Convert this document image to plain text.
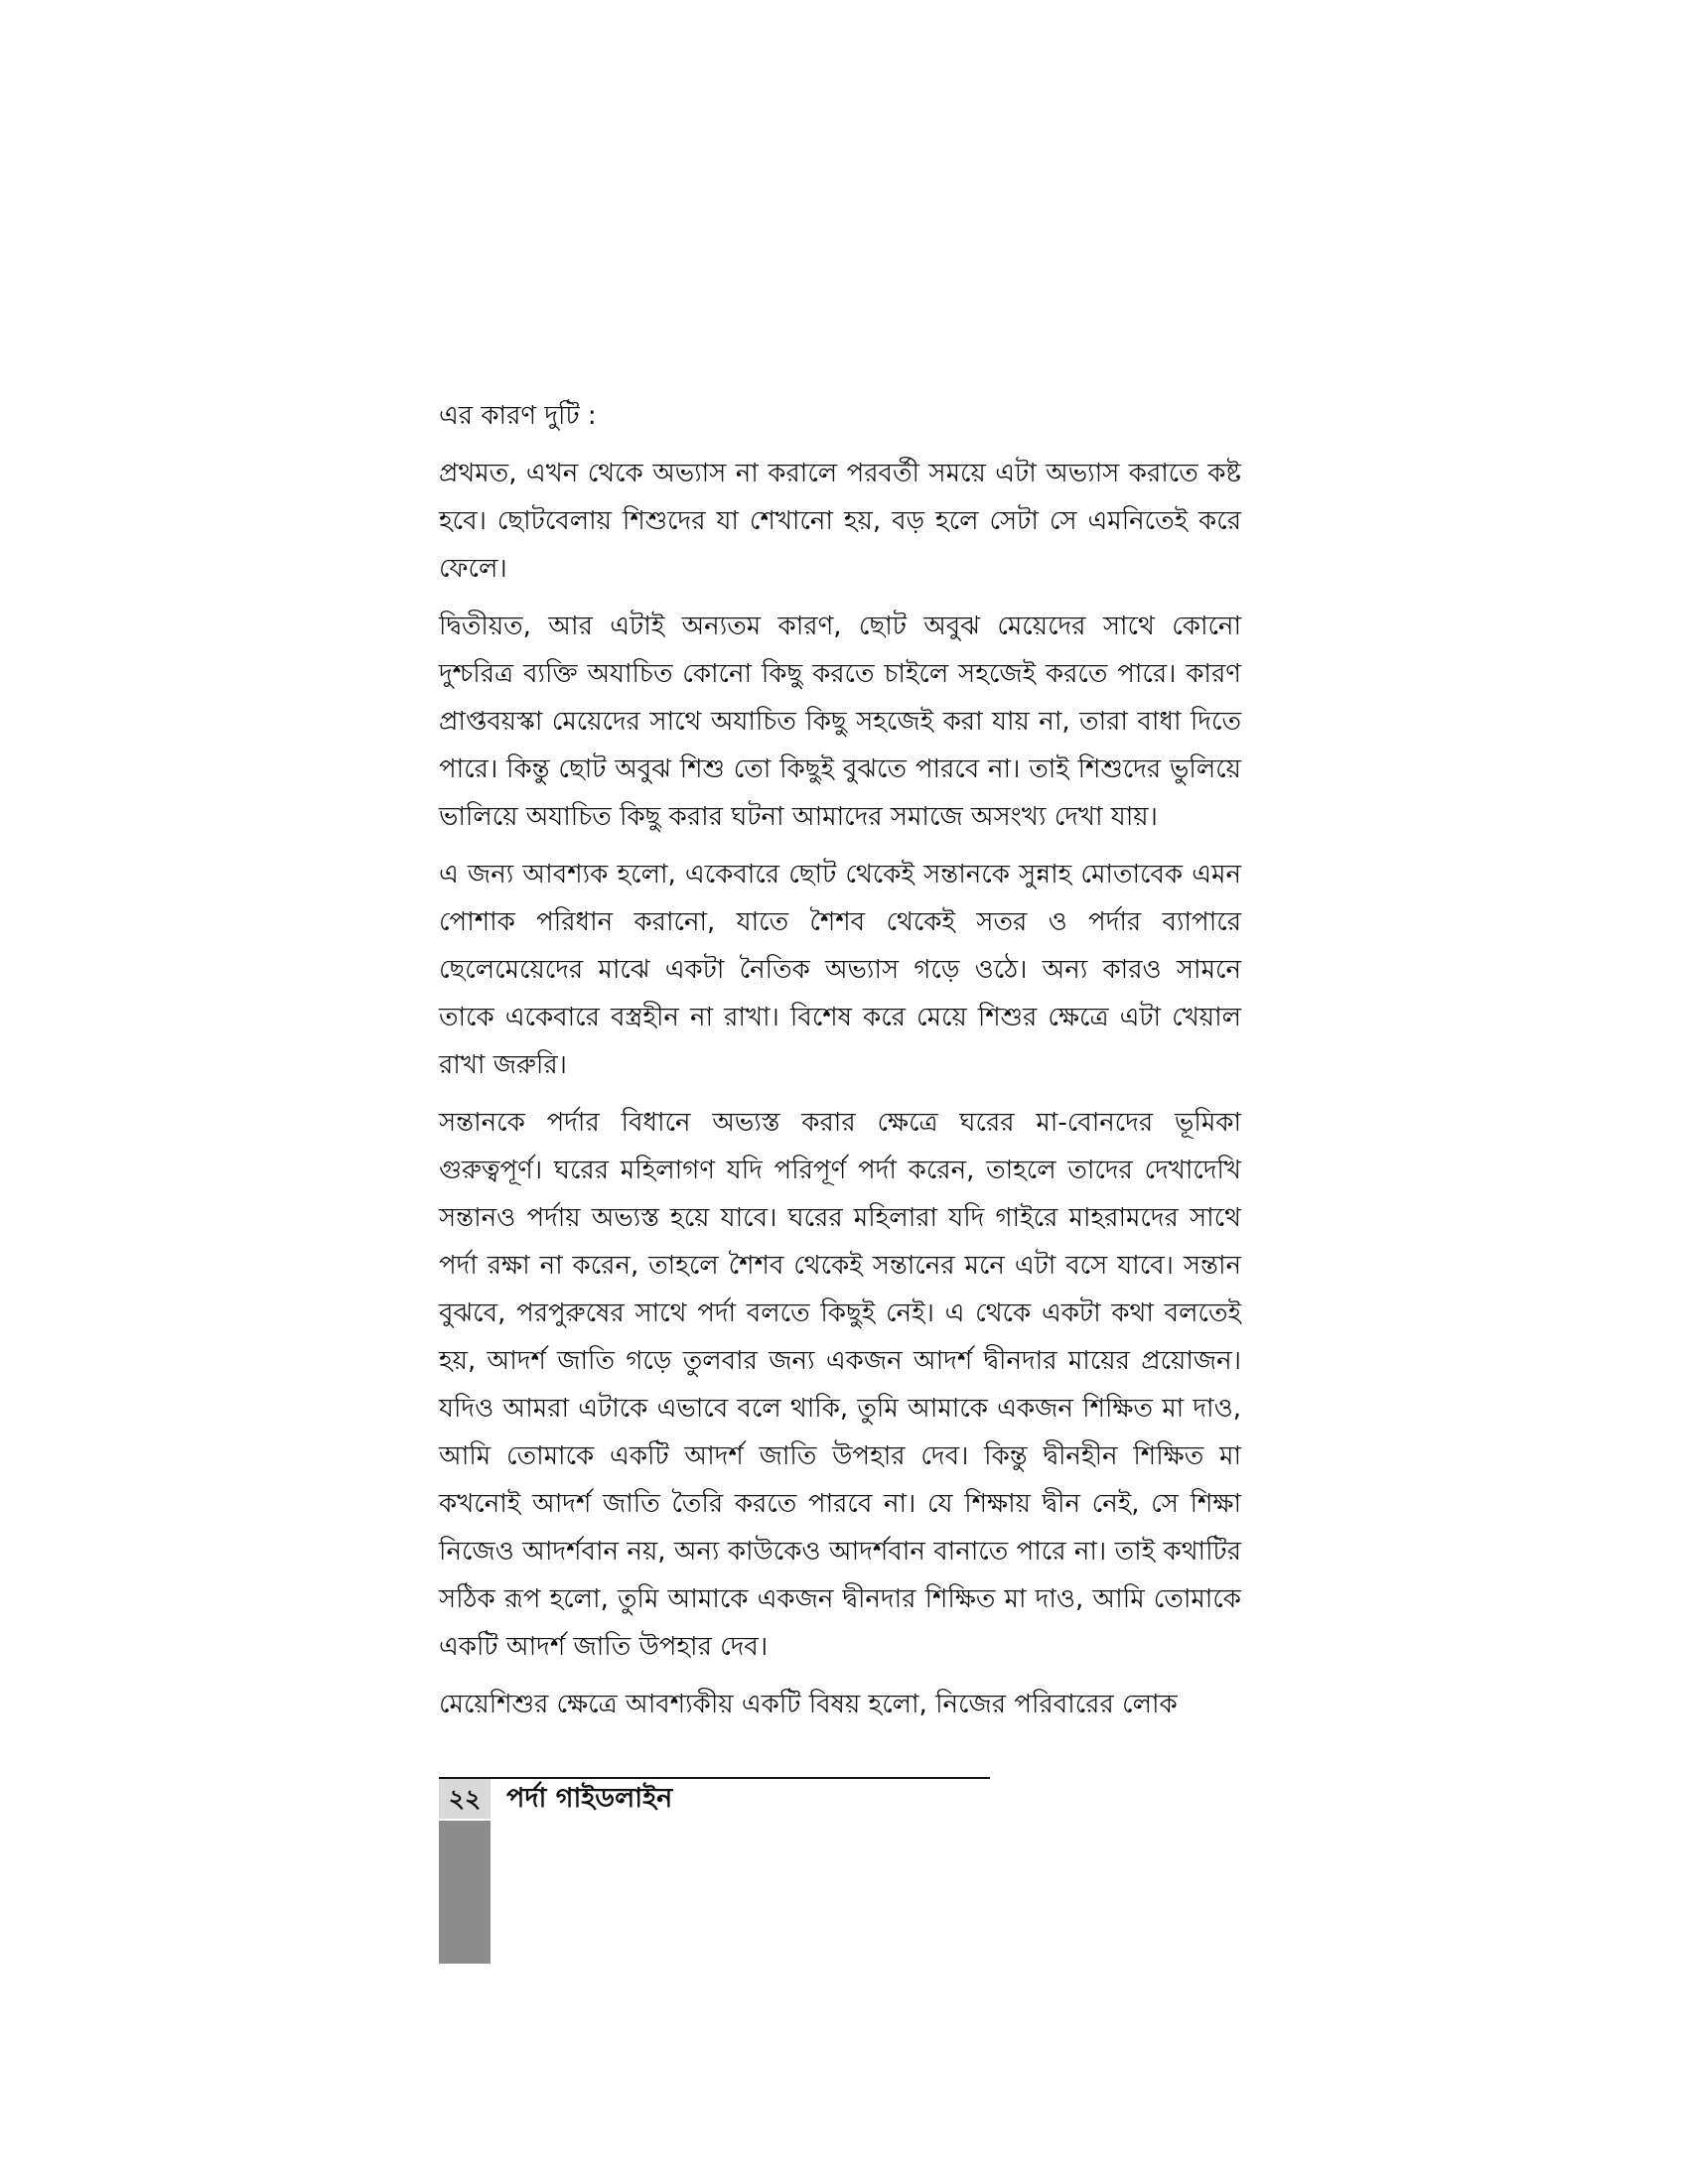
এর কারণ দুটি :

প্রথমত, এখন থেকে অভ্যাস না করালে পরবর্তী সময়ে এটা অভ্যাস করাতে কষ্ট হবে। ছোটবেলায় শিশুদের যা শেখানো হয়, বড় হলে সেটা সে এমনিতেই করে ফেলে।

দ্বিতীয়ত, আর এটাই অন্যতম কারণ, ছোট অবুঝ মেয়েদের সাথে কোনো দুশ্চরিত্র ব্যক্তি অযাচিত কোনো কিছু করতে চাইলে সহজেই করতে পারে। কারণ প্রাপ্তবয়স্কা মেয়েদের সাথে অযাচিত কিছু সহজেই করা যায় না, তারা বাধা দিতে পারে। কিন্তু ছোট অবুঝ শিশু তো কিছুই বুঝতে পারবে না। তাই শিশুদের ভুলিয়ে ভালিয়ে অযাচিত কিছু করার ঘটনা আমাদের সমাজে অসংখ্য দেখা যায়।

এ জন্য আবশ্যক হলো, একেবারে ছোট থেকেই সন্তানকে সুন্নাহ মোতাবেক এমন পোশাক পরিধান করানো, যাতে শৈশব থেকেই সতর ও পর্দার ব্যাপারে ছেলেমেয়েদের মাঝে একটা নৈতিক অভ্যাস গড়ে ওঠে। অন্য কারও সামনে তাকে একেবারে বস্ত্রহীন না রাখা। বিশেষ করে মেয়ে শিশুর ক্ষেত্রে এটা খেয়াল রাখা জরুরি।

সন্তানকে পর্দার বিধানে অভ্যস্ত করার ক্ষেত্রে ঘরের মা-বোনদের ভূমিকা গুরুত্বপূর্ণ। ঘরের মহিলাগণ যদি পরিপূর্ণ পর্দা করেন, তাহলে তাদের দেখাদেখি সন্তানও পর্দায় অভ্যস্ত হয়ে যাবে। ঘরের মহিলারা যদি গাইরে মাহরামদের সাথে পর্দা রক্ষা না করেন, তাহলে শৈশব থেকেই সন্তানের মনে এটা বসে যাবে। সন্তান বুঝবে, পরপুরুষের সাথে পর্দা বলতে কিছুই নেই। এ থেকে একটা কথা বলতেই হয়, আদর্শ জাতি গড়ে তুলবার জন্য একজন আদর্শ দ্বীনদার মায়ের প্রয়োজন। যদিও আমরা এটাকে এভাবে বলে থাকি, তুমি আমাকে একজন শিক্ষিত মা দাও, আমি তোমাকে একটি আদর্শ জাতি উপহার দেব। কিন্তু দ্বীনহীন শিক্ষিত মা কখনোই আদর্শ জাতি তৈরি করতে পারবে না। যে শিক্ষায় দ্বীন নেই, সে শিক্ষা নিজেও আদর্শবান নয়, অন্য কাউকেও আদর্শবান বানাতে পারে না। তাই কথাটির সঠিক রূপ হলো, তুমি আমাকে একজন দ্বীনদার শিক্ষিত মা দাও, আমি তোমাকে একটি আদর্শ জাতি উপহার দেব।

মেয়েশিশুর ক্ষেত্রে আবশ্যকীয় একটি বিষয় হলো, নিজের পরিবারের লোক

২২ পর্দা গাইডলাইন
